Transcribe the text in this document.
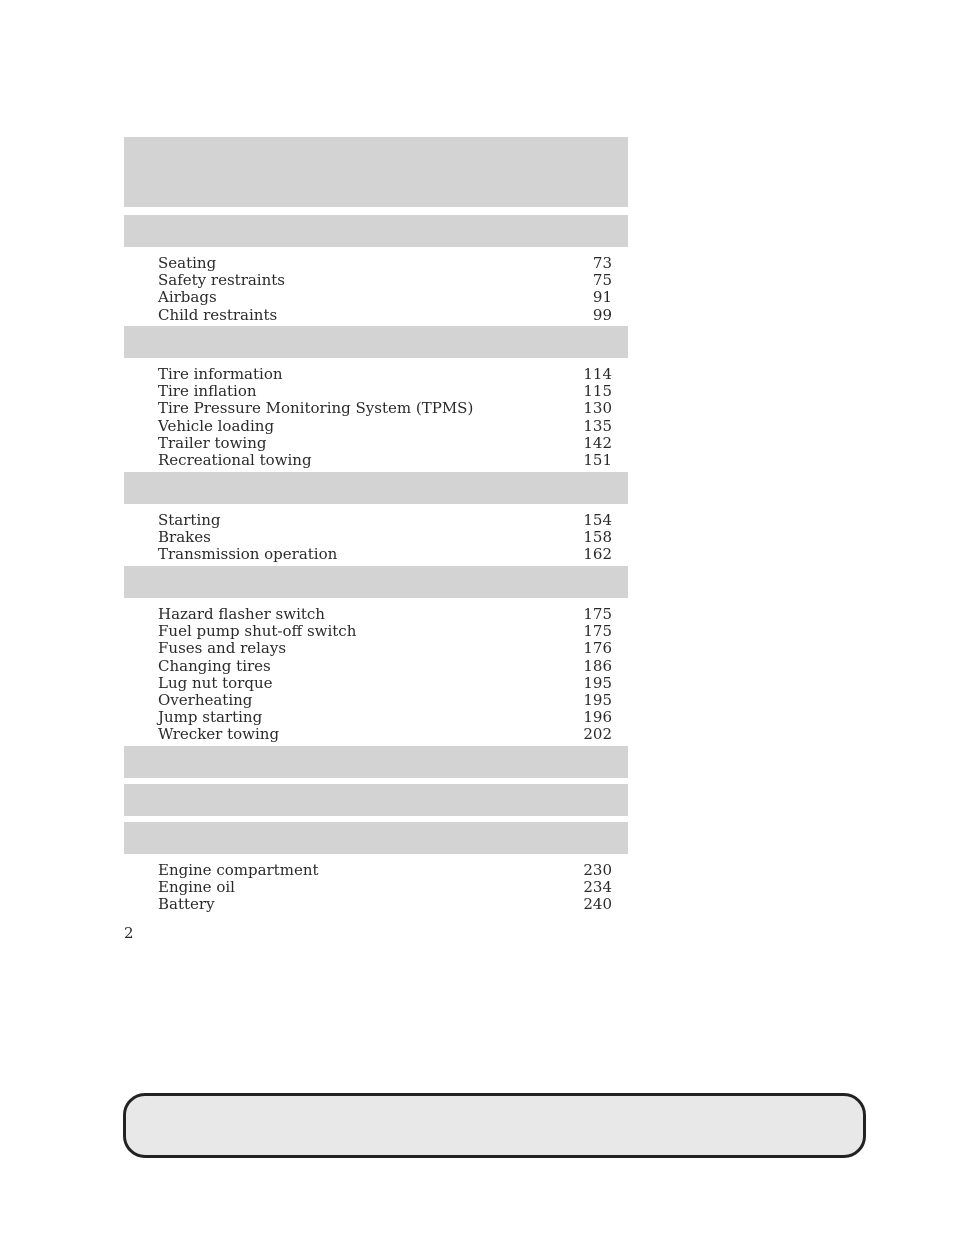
Seating	73
Safety restraints	75
Airbags	91
Child restraints	99
Tire information	114
Tire inflation	115
Tire Pressure Monitoring System (TPMS)	130
Vehicle loading	135
Trailer towing	142
Recreational towing	151
Starting	154
Brakes	158
Transmission operation	162
Hazard flasher switch	175
Fuel pump shut-off switch	175
Fuses and relays	176
Changing tires	186
Lug nut torque	195
Overheating	195
Jump starting	196
Wrecker towing	202
Engine compartment	230
Engine oil	234
Battery	240
2
